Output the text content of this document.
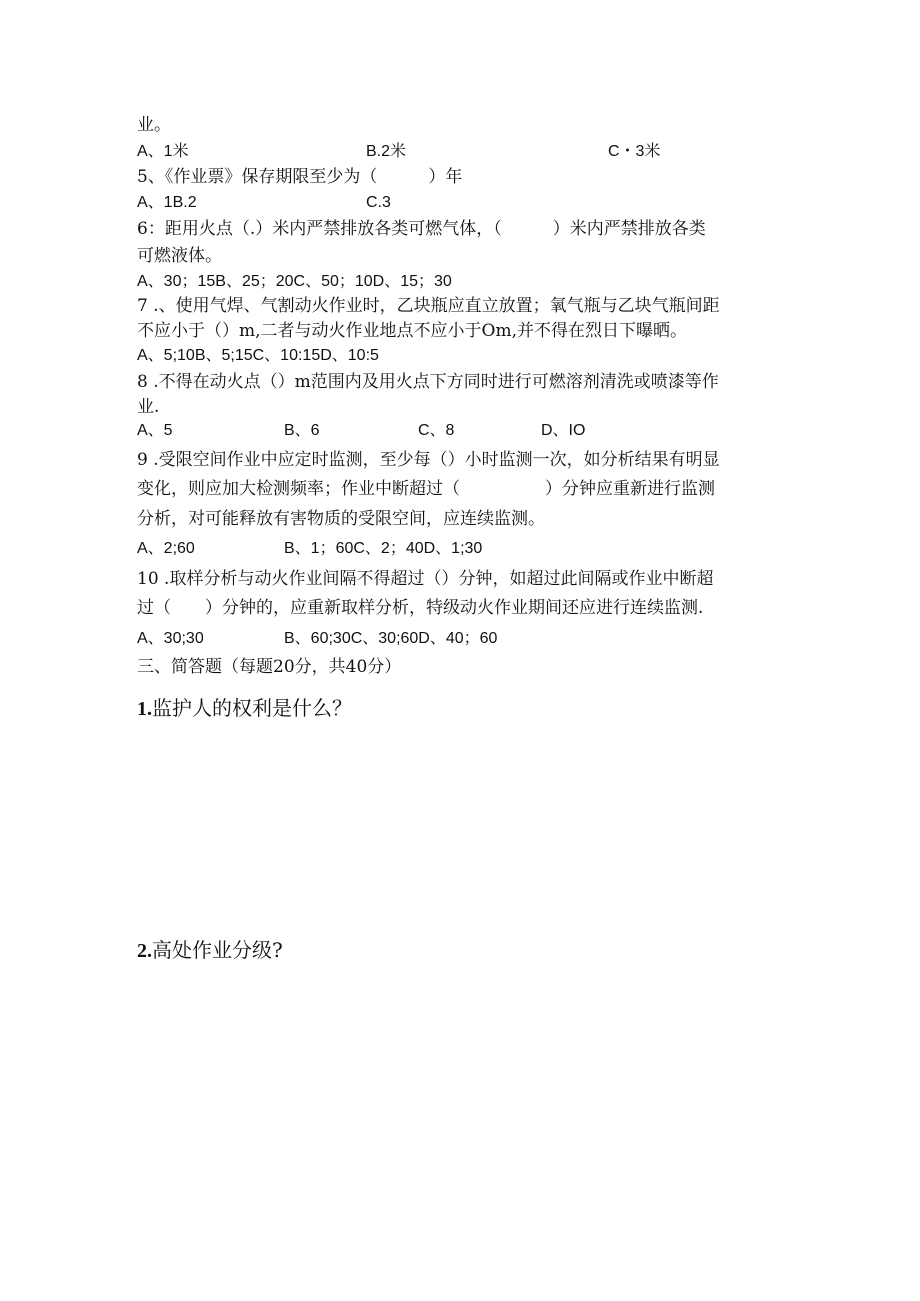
业。
A、1米	B.2米	C・3米
5、《作业票》保存期限至少为（　　　）年
A、1B.2	C.3
6：距用火点（.）米内严禁排放各类可燃气体，（　　　）米内严禁排放各类
可燃液体。
A、30；15B、25；20C、50；10D、15；30
7 .、使用气焊、气割动火作业时，乙块瓶应直立放置；氧气瓶与乙块气瓶间距
不应小于（）m,二者与动火作业地点不应小于Om,并不得在烈日下曝晒。
A、5;10B、5;15C、10:15D、10:5
8 .不得在动火点（）m范围内及用火点下方同时进行可燃溶剂清洗或喷漆等作
业.
A、5	B、6	C、8	D、IO
9 .受限空间作业中应定时监测，至少每（）小时监测一次，如分析结果有明显
变化，则应加大检测频率；作业中断超过（　　　　　）分钟应重新进行监测
分析，对可能释放有害物质的受限空间，应连续监测。
A、2;60	B、1；60C、2；40D、1;30
10 .取样分析与动火作业间隔不得超过（）分钟，如超过此间隔或作业中断超
过（　　）分钟的，应重新取样分析，特级动火作业期间还应进行连续监测.
A、30;30	B、60;30C、30;60D、40；60
三、简答题（每题20分，共40分）
1.监护人的权利是什么？
2.高处作业分级?
